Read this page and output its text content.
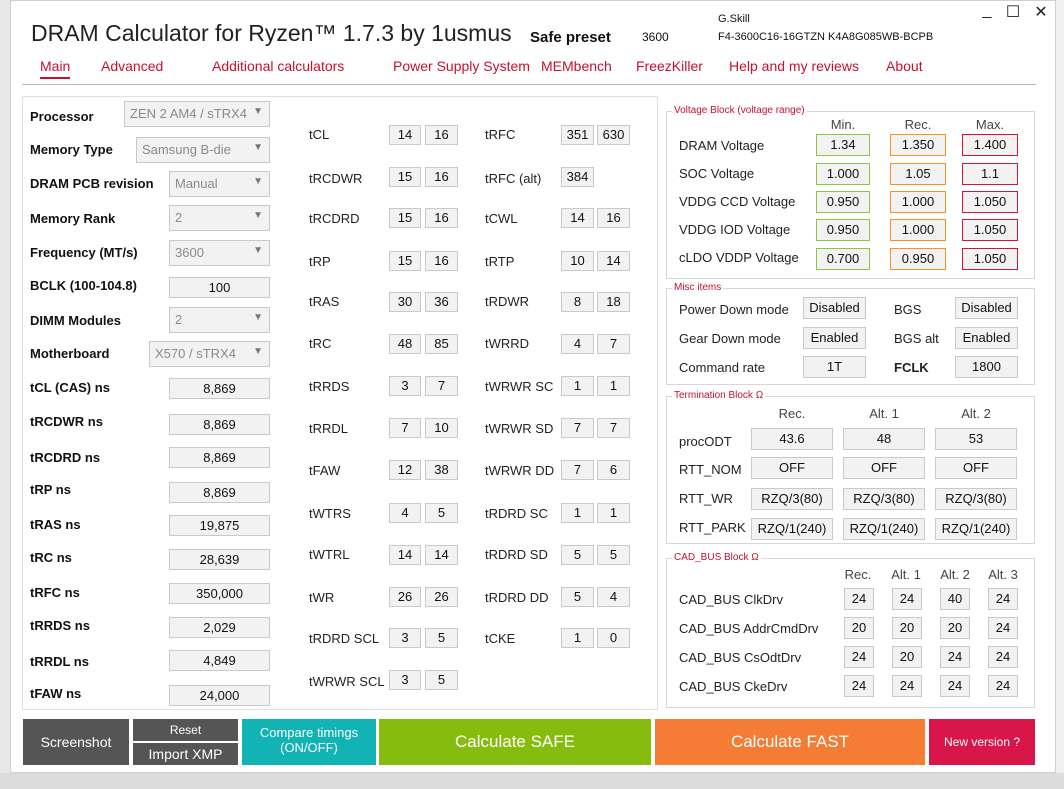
DRAM Calculator for Ryzen™ 1.7.3 by 1usmus Safe preset	3600
G.Skill
F4-3600C16-16GTZN K4A8G085WB-BCPB
_ ☐ ✕
Main Advanced	Additional calculators	Power Supply System MEMbench FreezKiller Help and my reviews About
Processor	ZEN 2 AM4 / sTRX4 ▼
Memory Type	Samsung B-die ▼
DRAM PCB revision	Manual	▼
Memory Rank	2	▼
Frequency (MT/s)	3600	▼
BCLK (100-104.8)	100
DIMM Modules	2	▼
Motherboard	X570 / sTRX4 ▼
tCL (CAS) ns	8,869
tRCDWR ns	8,869
tRCDRD ns	8,869
tRP ns	8,869
tRAS ns	19,875
tRC ns	28,639
tRFC ns	350,000
tRRDS ns	2,029
tRRDL ns	4,849
tFAW ns	24,000
tCL	14	16
tRCDWR	15	16
tRCDRD	15	16
tRP	15	16
tRAS	30	36
tRC	48	85
tRRDS	3	7
tRRDL	7	10
tFAW	12	38
tWTRS	4	5
tWTRL	14	14
tWR	26	26
tRDRD SCL	3	5
tWRWR SCL	3	5
tRFC	351	630
tRFC (alt)	384
tCWL	14	16
tRTP	10	14
tRDWR	8	18
tWRRD	4	7
tWRWR SC	1	1
tWRWR SD	7	7
tWRWR DD	7	6
tRDRD SC	1	1
tRDRD SD	5	5
tRDRD DD	5	4
tCKE	1	0
Voltage Block (voltage range)
Min.	Rec.	Max.
DRAM Voltage	1.34	1.350	1.400
SOC Voltage	1.000	1.05	1.1
VDDG CCD Voltage	0.950	1.000	1.050
VDDG IOD Voltage	0.950	1.000	1.050
cLDO VDDP Voltage	0.700	0.950	1.050
Misc items
Power Down mode	Disabled	BGS	Disabled
Gear Down mode	Enabled	BGS alt	Enabled
Command rate	1T	FCLK	1800
Termination Block Ω
Rec.	Alt. 1	Alt. 2
procODT	43.6	48	53
RTT_NOM	OFF	OFF	OFF
RTT_WR	RZQ/3(80)	RZQ/3(80)	RZQ/3(80)
RTT_PARK RZQ/1(240)	RZQ/1(240)	RZQ/1(240)
CAD_BUS Block Ω
Rec.	Alt. 1	Alt. 2	Alt. 3
CAD_BUS ClkDrv	24	24	40	24
CAD_BUS AddrCmdDrv	20	20	20	24
CAD_BUS CsOdtDrv	24	20	24	24
CAD_BUS CkeDrv	24	24	24	24
Screenshot
Reset
Import XMP
Compare timings
(ON/OFF)	Calculate SAFE	Calculate FAST	New version ?
